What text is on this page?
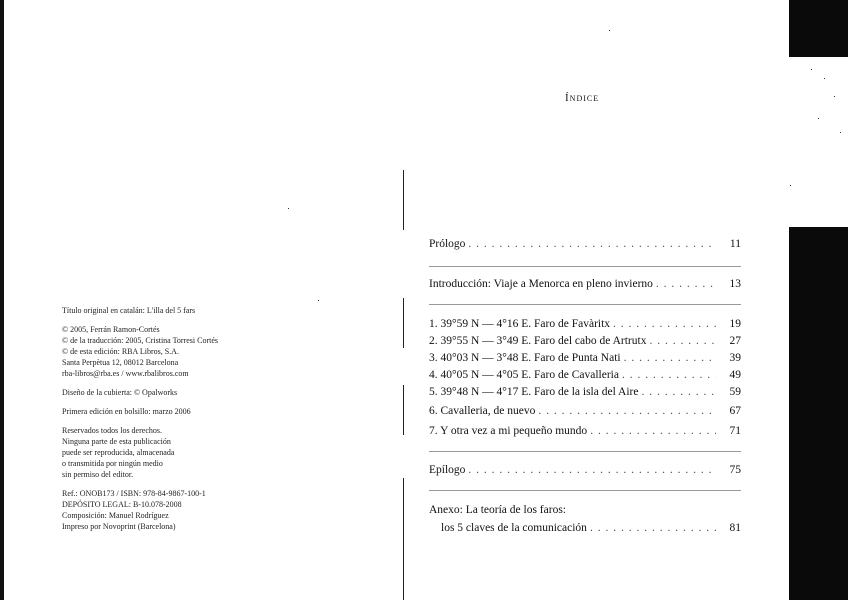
Título original en catalán: L'illa del 5 fars

© 2005, Ferrán Ramon-Cortés

© de la traducción: 2005, Cristina Torresi Cortés

© de esta edición: RBA Libros, S.A.

Santa Perpètua 12, 08012 Barcelona

rba-libros@rba.es / www.rbalibros.com

Diseño de la cubierta: © Opalworks

Primera edición en bolsillo: marzo 2006

Reservados todos los derechos.

Ninguna parte de esta publicación

puede ser reproducida, almacenada

o transmitida por ningún medio

sin permiso del editor.

Ref.: ONOB173 / ISBN: 978-84-9867-100-1

DEPÓSITO LEGAL: B-10.078-2008

Composición: Manuel Rodríguez

Impreso por Novoprint (Barcelona)

Índice
Prólogo . . .	11
Introducción: Viaje a Menorca en pleno invierno . . .	13
1. 39°59 N — 4°16 E. Faro de Favàritx . . .	19
2. 39°55 N — 3°49 E. Faro del cabo de Artrutx . . .	27
3. 40°03 N — 3°48 E. Faro de Punta Nati . . .	39
4. 40°05 N — 4°05 E. Faro de Cavalleria . . .	49
5. 39°48 N — 4°17 E. Faro de la isla del Aire . . .	59
6. Cavalleria, de nuevo . . .	67
7. Y otra vez a mi pequeño mundo . . .	71
Epílogo . . .	75
Anexo: La teoría de los faros:
los 5 claves de la comunicación . . .	81
